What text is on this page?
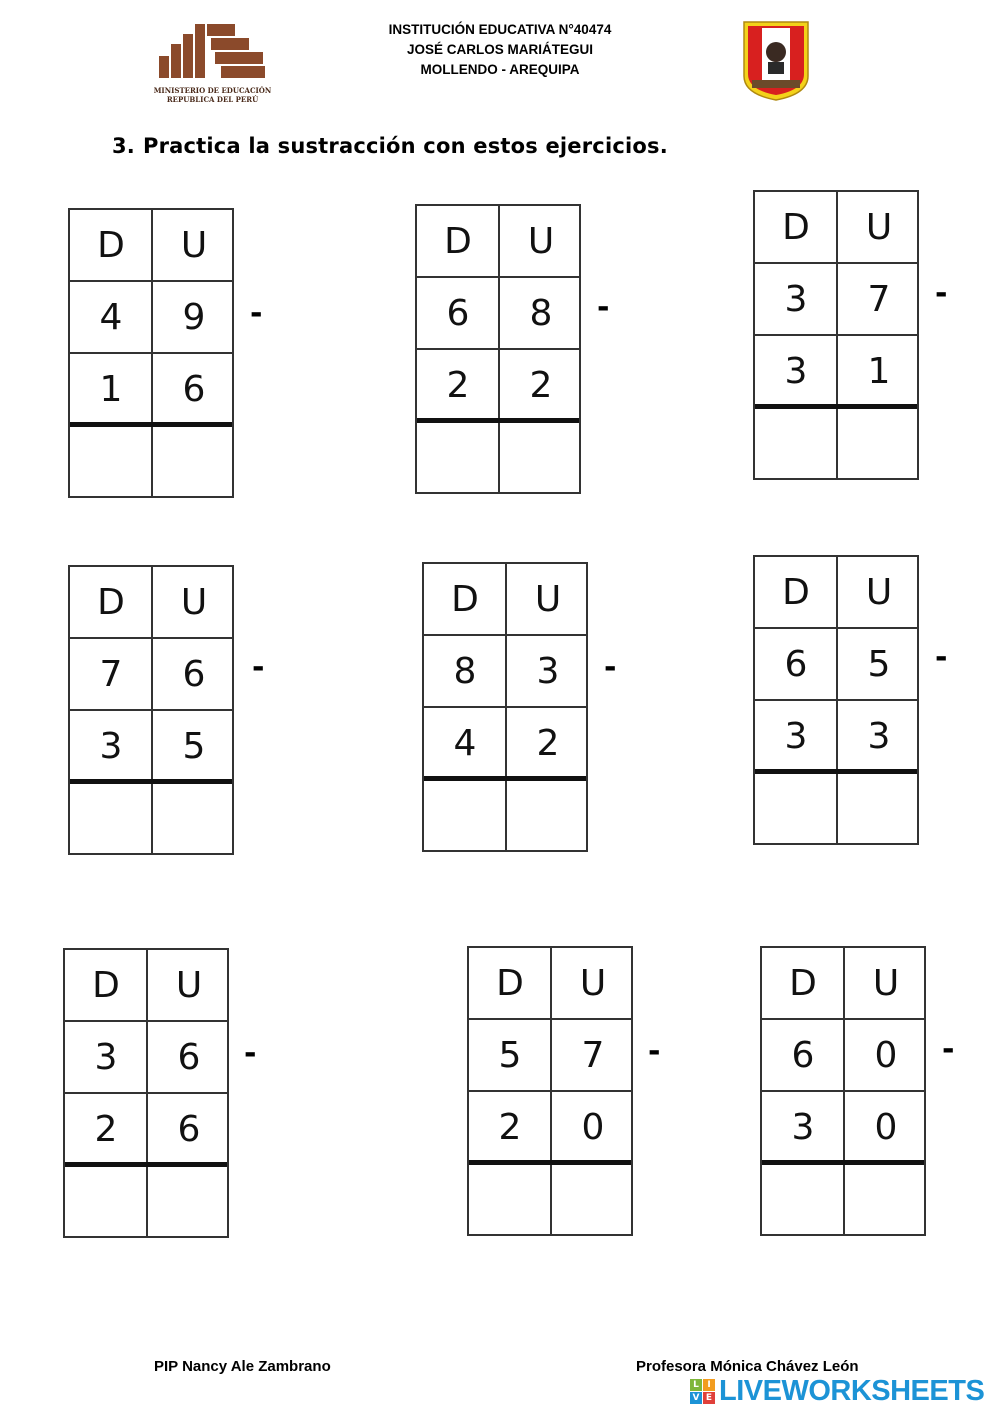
MINISTERIO DE EDUCACIÓN
REPUBLICA DEL PERÚ
INSTITUCIÓN EDUCATIVA N°40474
JOSÉ CARLOS MARIÁTEGUI
MOLLENDO - AREQUIPA
3. Practica la sustracción con estos ejercicios.
D	U
4	9
1	6
-
D	U
6	8
2	2
-
D	U
3	7
3	1
-
D	U
7	6
3	5
-
D	U
8	3
4	2
-
D	U
6	5
3	3
-
D	U
3	6
2	6
-
D	U
5	7
2	0
-
D	U
6	0
3	0
-
PIP Nancy Ale Zambrano	Profesora Mónica Chávez León
L I
V E LIVEWORKSHEETS
